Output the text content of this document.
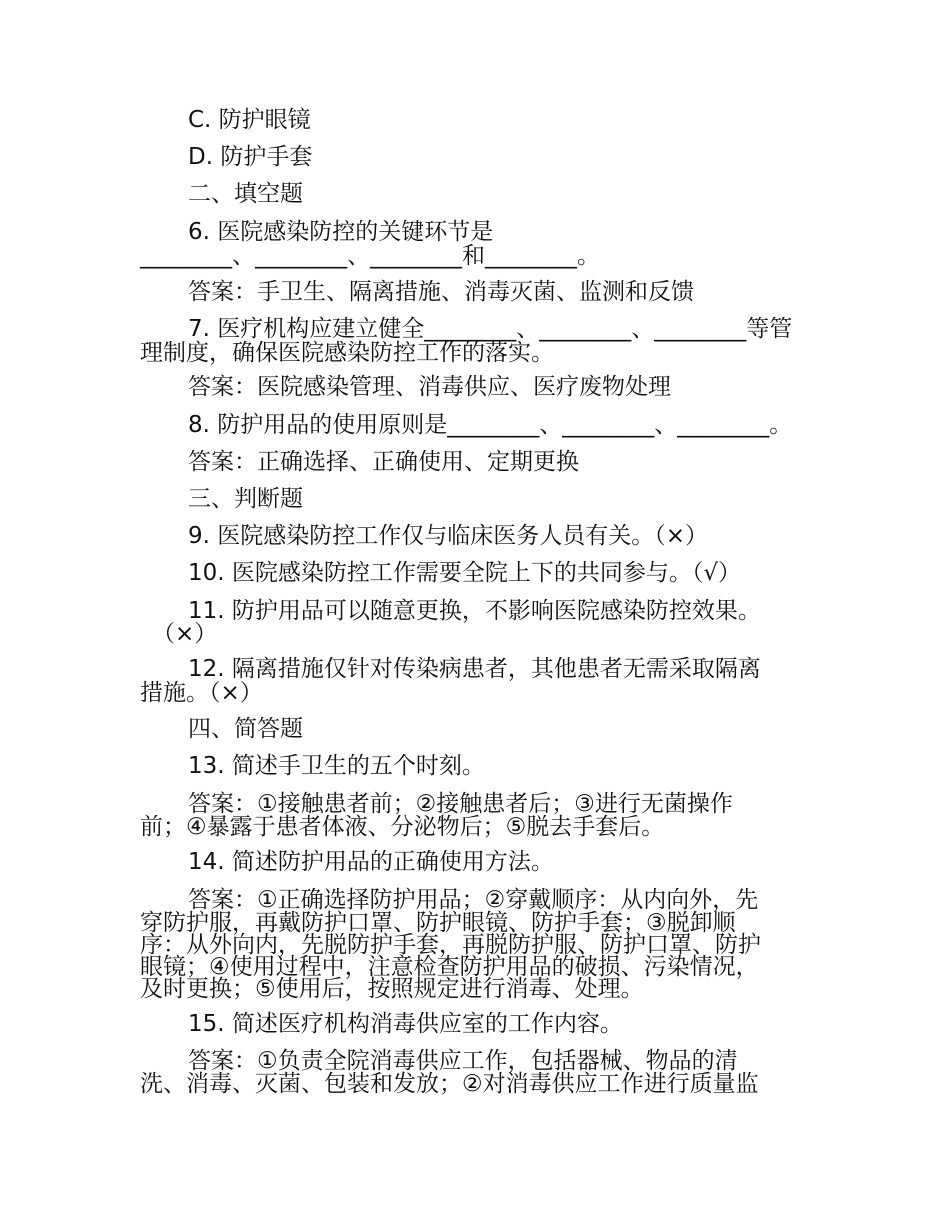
C. 防护眼镜

D. 防护手套

二、填空题

6. 医院感染防控的关键环节是

________、________、________和________。

答案：手卫生、隔离措施、消毒灭菌、监测和反馈

7. 医疗机构应建立健全________、________、________等管

理制度，确保医院感染防控工作的落实。

答案：医院感染管理、消毒供应、医疗废物处理

8. 防护用品的使用原则是________、________、________。

答案：正确选择、正确使用、定期更换

三、判断题

9. 医院感染防控工作仅与临床医务人员有关。（×）

10. 医院感染防控工作需要全院上下的共同参与。（√）

11. 防护用品可以随意更换，不影响医院感染防控效果。

（×）

12. 隔离措施仅针对传染病患者，其他患者无需采取隔离

措施。（×）

四、简答题

13. 简述手卫生的五个时刻。

答案：①接触患者前；②接触患者后；③进行无菌操作

前；④暴露于患者体液、分泌物后；⑤脱去手套后。

14. 简述防护用品的正确使用方法。

答案：①正确选择防护用品；②穿戴顺序：从内向外，先

穿防护服，再戴防护口罩、防护眼镜、防护手套；③脱卸顺

序：从外向内，先脱防护手套，再脱防护服、防护口罩、防护

眼镜；④使用过程中，注意检查防护用品的破损、污染情况，

及时更换；⑤使用后，按照规定进行消毒、处理。

15. 简述医疗机构消毒供应室的工作内容。

答案：①负责全院消毒供应工作，包括器械、物品的清

洗、消毒、灭菌、包装和发放；②对消毒供应工作进行质量监
